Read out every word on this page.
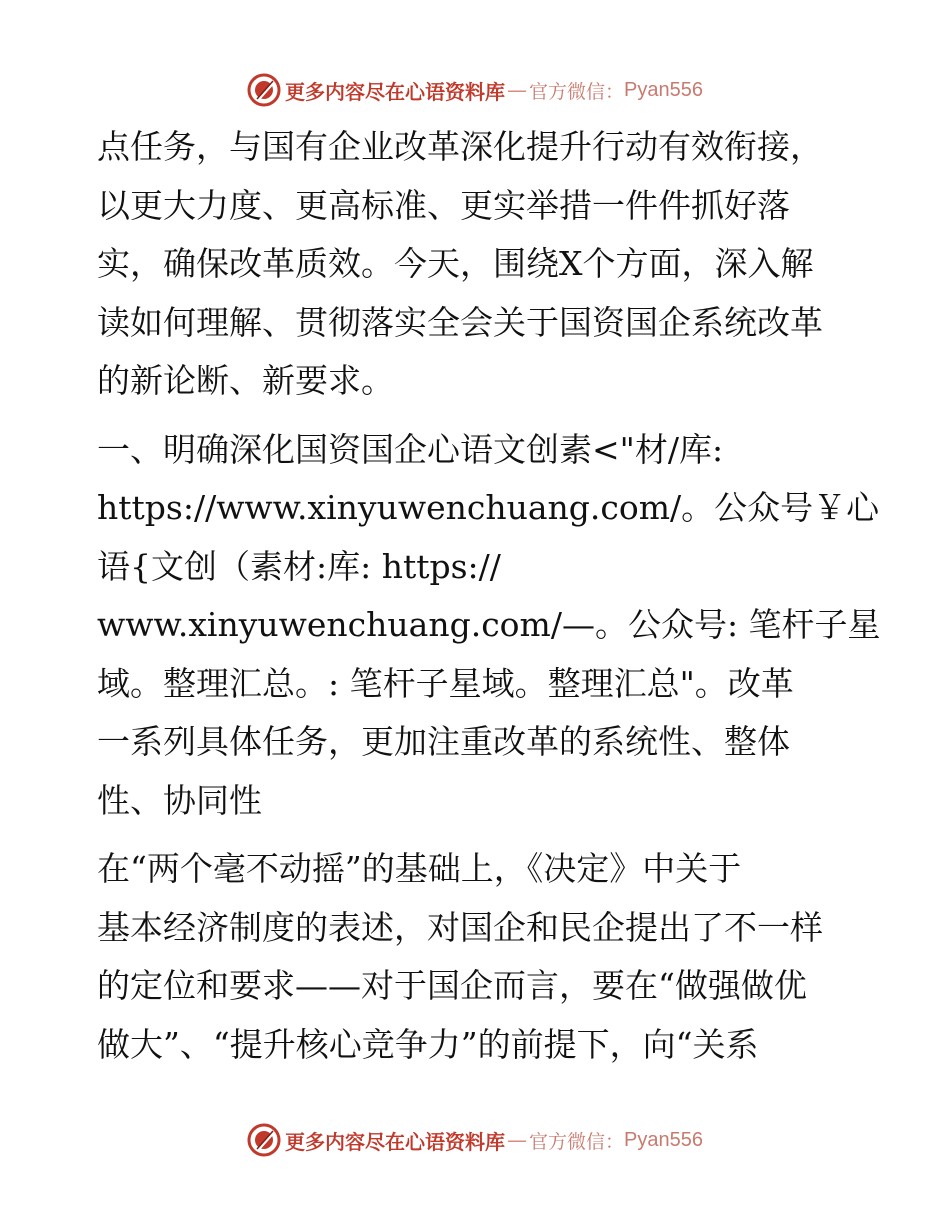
更多内容尽在心语资料库 — 官方微信： Pyan556

点任务，与国有企业改革深化提升行动有效衔接，
以更大力度、更高标准、更实举措一件件抓好落
实，确保改革质效。今天，围绕X个方面，深入解
读如何理解、贯彻落实全会关于国资国企系统改革
的新论断、新要求。

一、明确深化国资国企心语文创素<"材/库:
https://www.xinyuwenchuang.com/。公众号￥心
语{文创（素材:库: https://
www.xinyuwenchuang.com/—。公众号: 笔杆子星
域。整理汇总。: 笔杆子星域。整理汇总"。改革
一系列具体任务，更加注重改革的系统性、整体
性、协同性

在“两个毫不动摇”的基础上，《决定》中关于
基本经济制度的表述，对国企和民企提出了不一样
的定位和要求——对于国企而言，要在“做强做优
做大”、“提升核心竞争力”的前提下，向“关系

更多内容尽在心语资料库 — 官方微信： Pyan556
